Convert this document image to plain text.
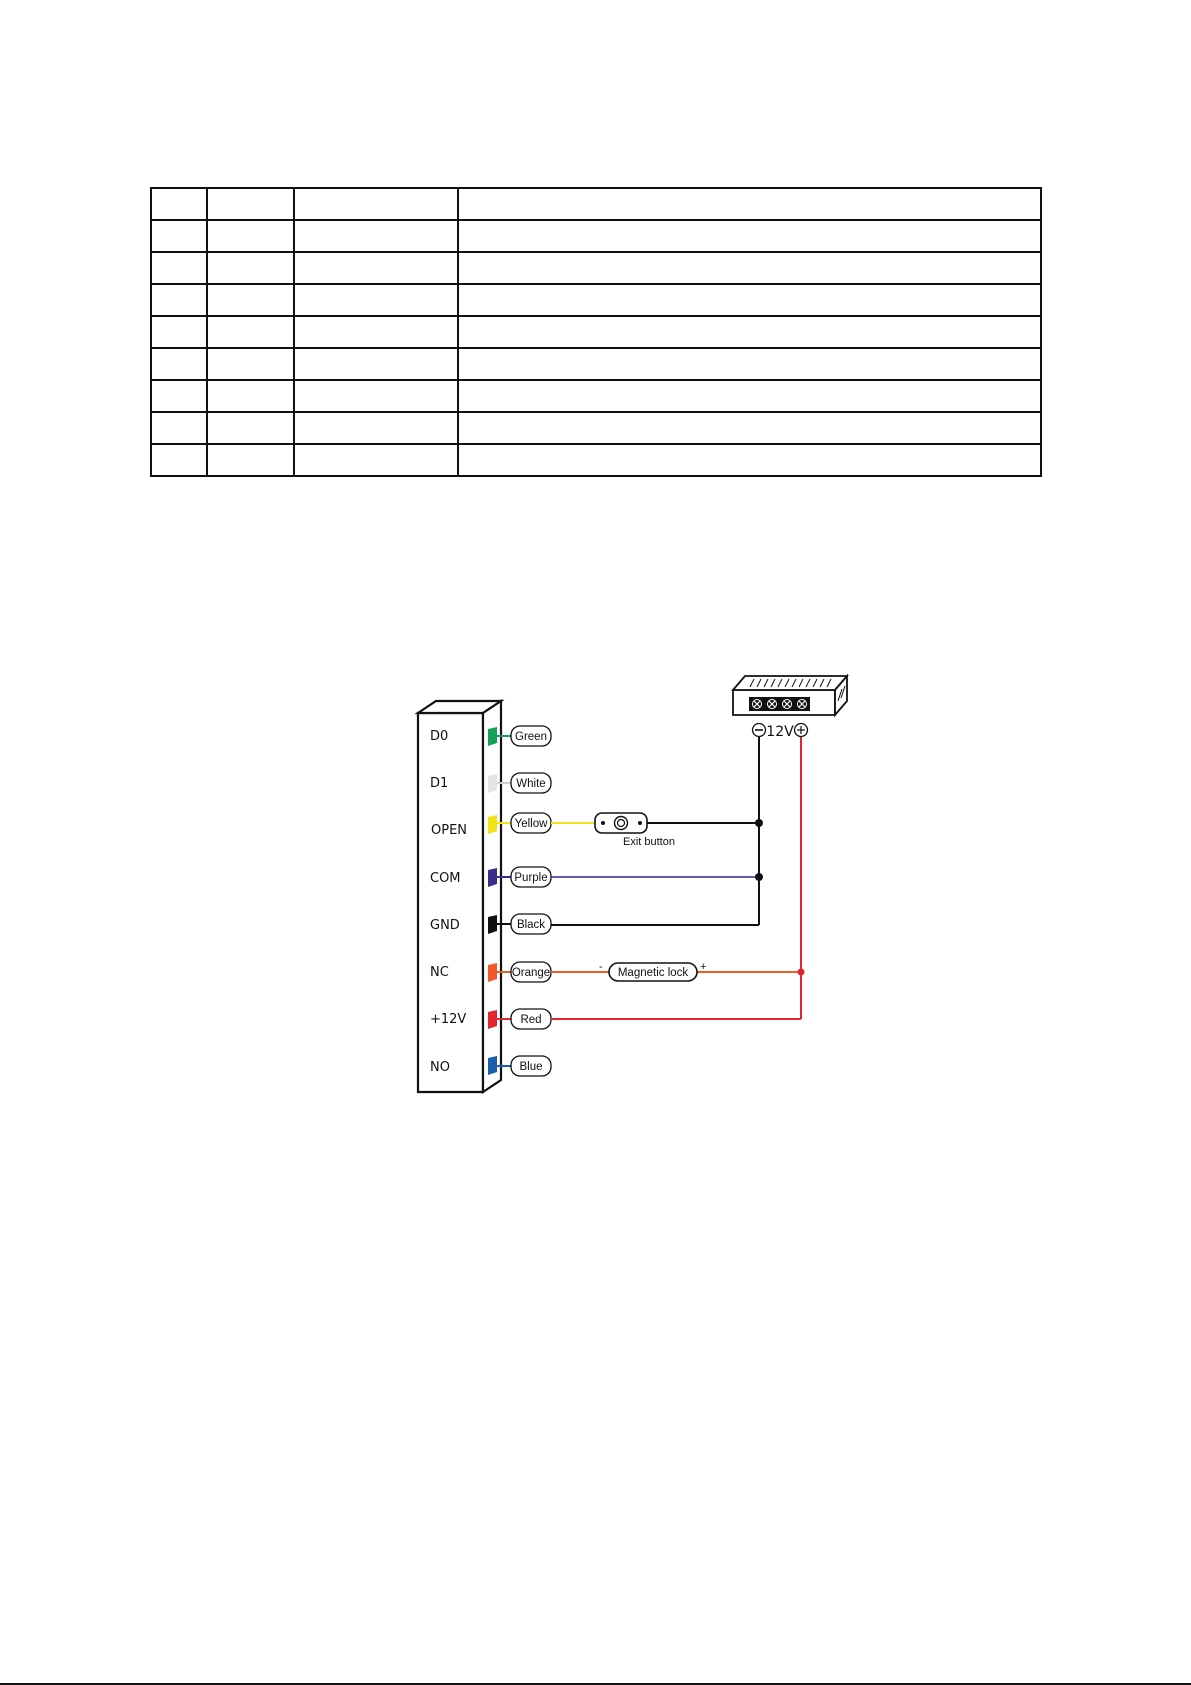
D0
D1
OPEN
COM
GND
NC
+12V
NO
Green
White
Yellow
Purple
Black
Orange
Red
Blue
Exit button
Magnetic lock
-	+
12V
